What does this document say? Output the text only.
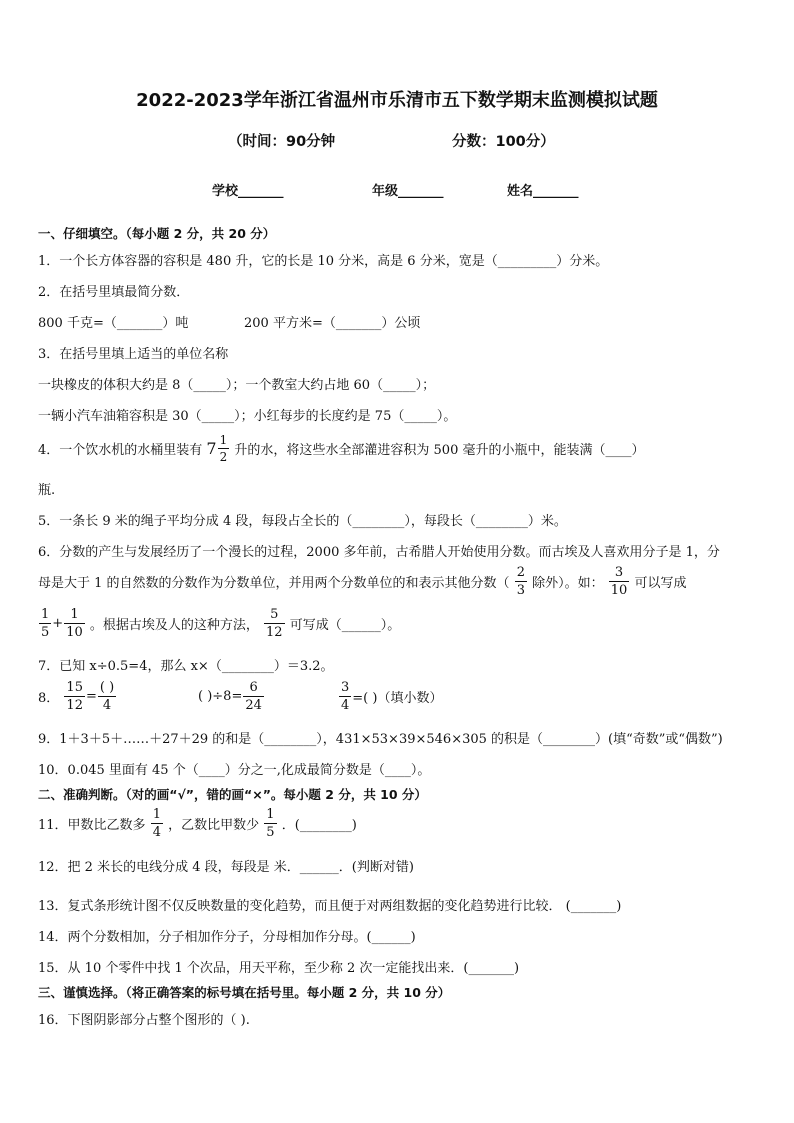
2022-2023学年浙江省温州市乐清市五下数学期末监测模拟试题
（时间：90分钟	分数：100分）
学校_______	年级_______	姓名_______
一、仔细填空。（每小题 2 分，共 20 分）
1．一个长方体容器的容积是 480 升，它的长是 10 分米，高是 6 分米，宽是（_________）分米。
2．在括号里填最简分数．
800 千克=（_______）吨	200 平方米=（_______）公顷
3．在括号里填上适当的单位名称
一块橡皮的体积大约是 8（_____）；一个教室大约占地 60（_____）；
一辆小汽车油箱容积是 30（_____）；小红每步的长度约是 75（_____）。
4．一个饮水机的水桶里装有 $7 \frac{1}{2}$ 升的水，将这些水全部灌进容积为 500 毫升的小瓶中，能装满（____）
瓶.
5．一条长 9 米的绳子平均分成 4 段，每段占全长的（________），每段长（________）米。
6．分数的产生与发展经历了一个漫长的过程，2000 多年前，古希腊人开始使用分数。而古埃及人喜欢用分子是 1，分
母是大于 1 的自然数的分数作为分数单位，并用两个分数单位的和表示其他分数（ $\frac{2}{3}$ 除外）。如： $\frac{3}{10}$ 可以写成
$\frac{1}{5} + \frac{1}{10}$ 。根据古埃及人的这种方法， $\frac{5}{12}$ 可写成（______）。
7．已知 x÷0.5=4，那么 x×（________）＝3.2。
8． $\frac{15}{12} = \frac{( )}{4}$	( )$\div 8= \frac{6}{24}$	$\frac{3}{4}$ =( )（填小数）
9．1＋3＋5＋……＋27＋29 的和是（________），431×53×39×546×305 的积是（________）(填“奇数”或“偶数”)
10．0.045 里面有 45 个（____）分之一,化成最简分数是（____）。
二、准确判断。（对的画“√”，错的画“×”。每小题 2 分，共 10 分）
11．甲数比乙数多 $\frac{1}{4}$ ，乙数比甲数少 $\frac{1}{5}$ ．(________)
12．把 2 米长的电线分成 4 段，每段是 米．______．(判断对错)
13．复式条形统计图不仅反映数量的变化趋势，而且便于对两组数据的变化趋势进行比较． (_______)
14．两个分数相加，分子相加作分子，分母相加作分母。(______)
15．从 10 个零件中找 1 个次品，用天平称，至少称 2 次一定能找出来．(_______)
三、谨慎选择。（将正确答案的标号填在括号里。每小题 2 分，共 10 分）
16．下图阴影部分占整个图形的（ ).
